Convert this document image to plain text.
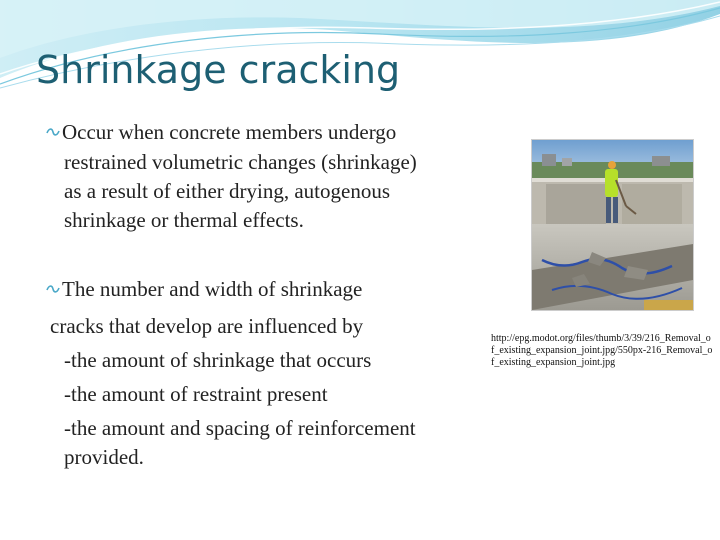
Shrinkage cracking
Occur when concrete members undergo
restrained volumetric changes (shrinkage)
as a result of either drying, autogenous
shrinkage or thermal effects.
The number and width of shrinkage
cracks that develop are influenced by
-the amount of shrinkage that occurs
-the amount of restraint present
-the amount and spacing of reinforcement
provided.
http://epg.modot.org/files/thumb/3/39/216_Removal_of_existing_expansion_joint.jpg/550px-216_Removal_of_existing_expansion_joint.jpg
